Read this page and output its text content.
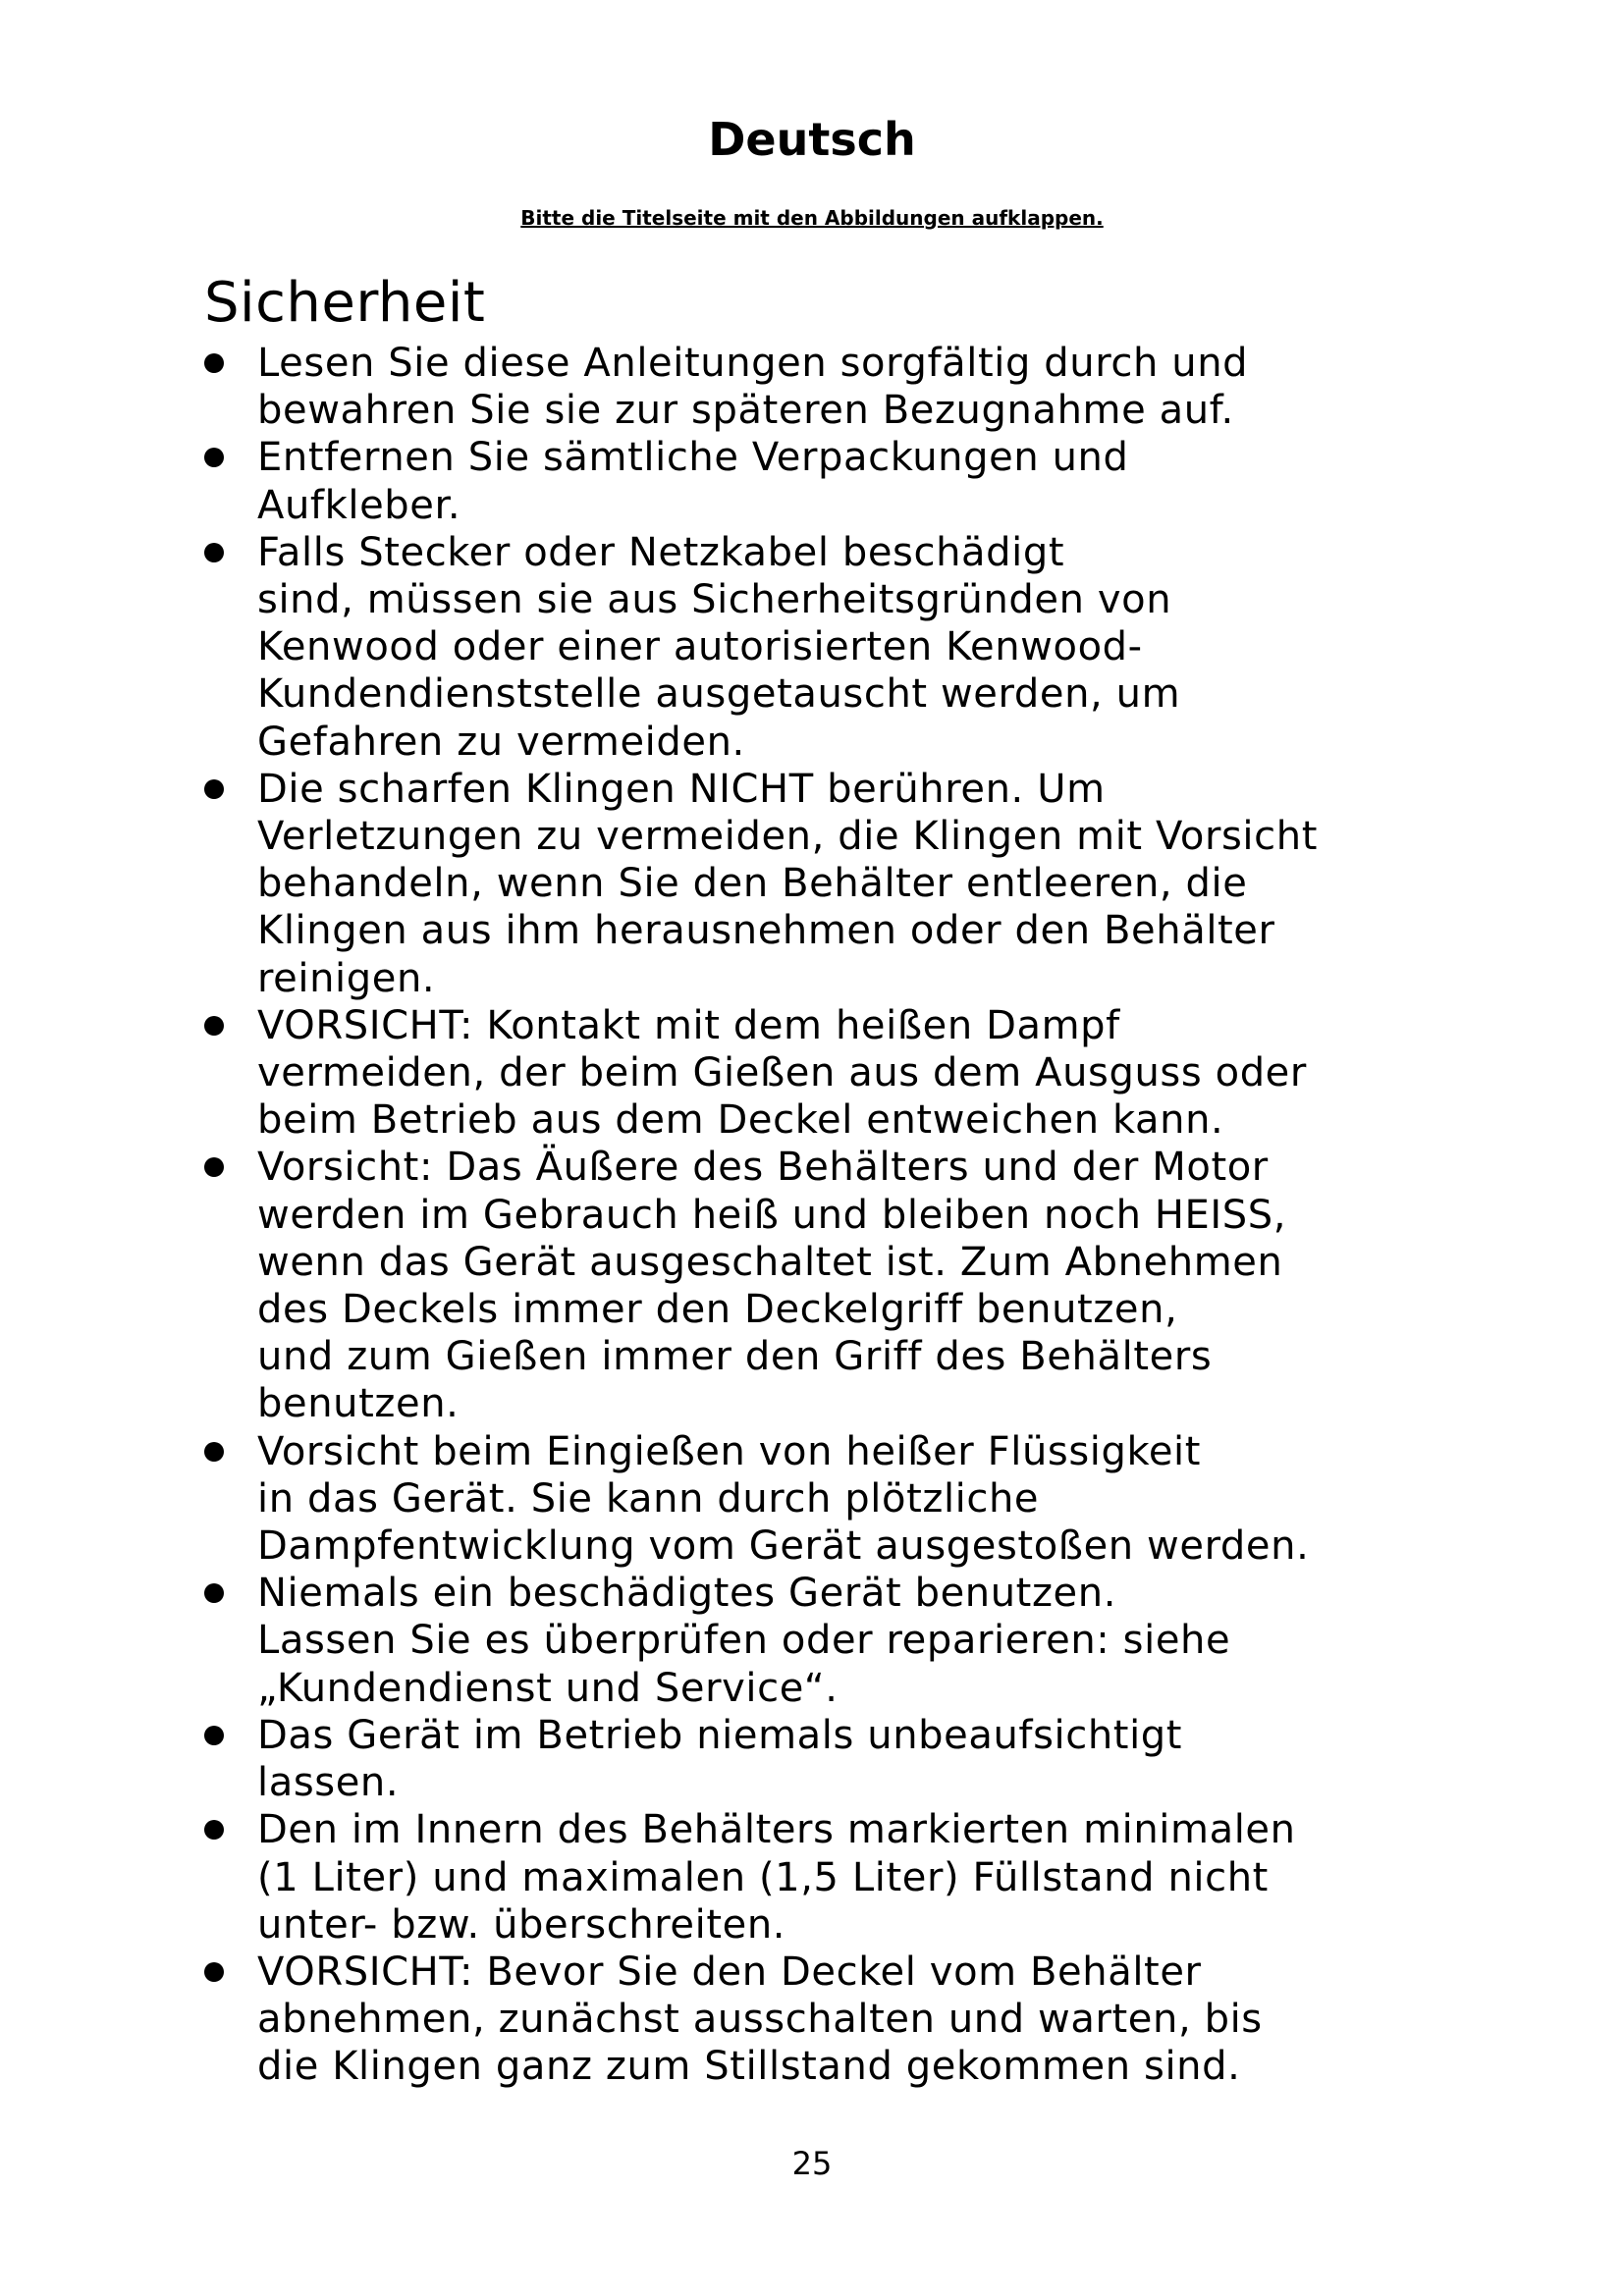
Deutsch

Bitte die Titelseite mit den Abbildungen aufklappen.

Sicherheit
Lesen Sie diese Anleitungen sorgfältig durch und
bewahren Sie sie zur späteren Bezugnahme auf.
Entfernen Sie sämtliche Verpackungen und
Aufkleber.
Falls Stecker oder Netzkabel beschädigt
sind, müssen sie aus Sicherheitsgründen von
Kenwood oder einer autorisierten Kenwood-
Kundendienststelle ausgetauscht werden, um
Gefahren zu vermeiden.
Die scharfen Klingen NICHT berühren. Um
Verletzungen zu vermeiden, die Klingen mit Vorsicht
behandeln, wenn Sie den Behälter entleeren, die
Klingen aus ihm herausnehmen oder den Behälter
reinigen.
VORSICHT: Kontakt mit dem heißen Dampf
vermeiden, der beim Gießen aus dem Ausguss oder
beim Betrieb aus dem Deckel entweichen kann.
Vorsicht: Das Äußere des Behälters und der Motor
werden im Gebrauch heiß und bleiben noch HEISS,
wenn das Gerät ausgeschaltet ist. Zum Abnehmen
des Deckels immer den Deckelgriff benutzen,
und zum Gießen immer den Griff des Behälters
benutzen.
Vorsicht beim Eingießen von heißer Flüssigkeit
in das Gerät. Sie kann durch plötzliche
Dampfentwicklung vom Gerät ausgestoßen werden.
Niemals ein beschädigtes Gerät benutzen.
Lassen Sie es überprüfen oder reparieren: siehe
„Kundendienst und Service“.
Das Gerät im Betrieb niemals unbeaufsichtigt
lassen.
Den im Innern des Behälters markierten minimalen
(1 Liter) und maximalen (1,5 Liter) Füllstand nicht
unter- bzw. überschreiten.
VORSICHT: Bevor Sie den Deckel vom Behälter
abnehmen, zunächst ausschalten und warten, bis
die Klingen ganz zum Stillstand gekommen sind.
25
